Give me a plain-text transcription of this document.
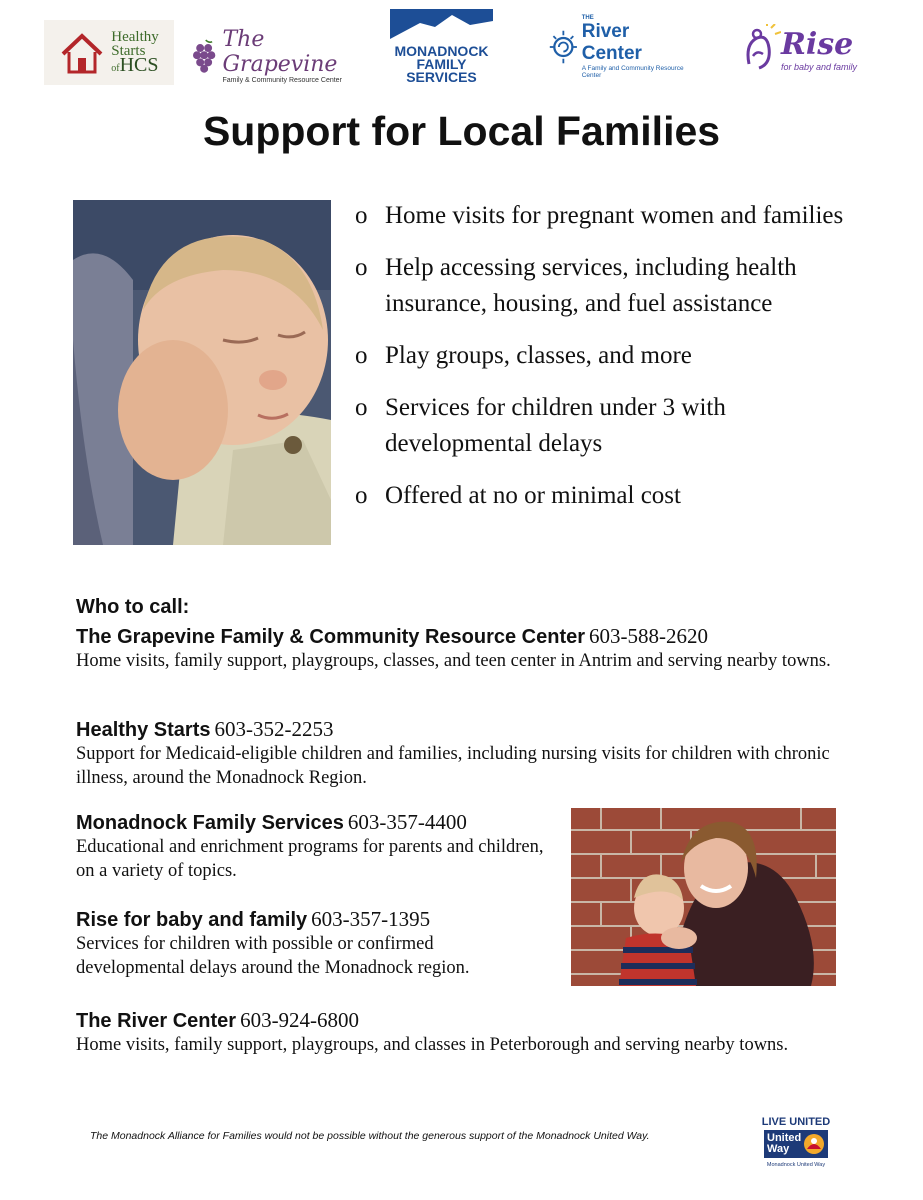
Healthy
Starts
ofHCS
The Grapevine
Family & Community Resource Center
MONADNOCK
FAMILY
SERVICES
THE
River Center
A Family and Community Resource Center
Rise
for baby and family
Support for Local Families
o Home visits for pregnant women and families
o Help accessing services, including health insurance, housing, and fuel assistance
o Play groups, classes, and more
o Services for children under 3 with developmental delays
o Offered at no or minimal cost
Who to call:
The Grapevine Family & Community Resource Center 603-588-2620
Home visits, family support, playgroups, classes, and teen center in Antrim and serving nearby towns.
Healthy Starts 603-352-2253
Support for Medicaid-eligible children and families, including nursing visits for children with chronic illness, around the Monadnock Region.
Monadnock Family Services 603-357-4400
Educational and enrichment programs for parents and children, on a variety of topics.
Rise for baby and family 603-357-1395
Services for children with possible or confirmed developmental delays around the Monadnock region.
The River Center 603-924-6800
Home visits, family support, playgroups, and classes in Peterborough and serving nearby towns.
The Monadnock Alliance for Families would not be possible without the generous support of the Monadnock United Way.
LIVE UNITED
United
Way
Monadnock United Way
